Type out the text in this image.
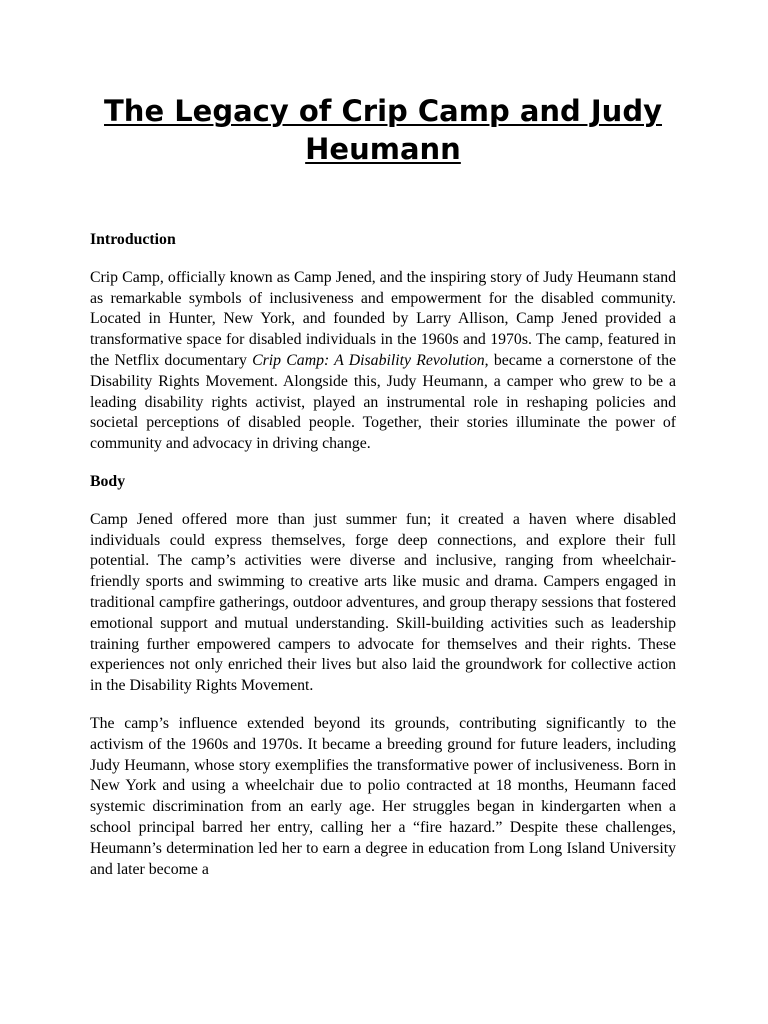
The Legacy of Crip Camp and Judy Heumann

Introduction

Crip Camp, officially known as Camp Jened, and the inspiring story of Judy Heumann stand as remarkable symbols of inclusiveness and empowerment for the disabled community. Located in Hunter, New York, and founded by Larry Allison, Camp Jened provided a transformative space for disabled individuals in the 1960s and 1970s. The camp, featured in the Netflix documentary Crip Camp: A Disability Revolution, became a cornerstone of the Disability Rights Movement. Alongside this, Judy Heumann, a camper who grew to be a leading disability rights activist, played an instrumental role in reshaping policies and societal perceptions of disabled people. Together, their stories illuminate the power of community and advocacy in driving change.

Body

Camp Jened offered more than just summer fun; it created a haven where disabled individuals could express themselves, forge deep connections, and explore their full potential. The camp’s activities were diverse and inclusive, ranging from wheelchair-friendly sports and swimming to creative arts like music and drama. Campers engaged in traditional campfire gatherings, outdoor adventures, and group therapy sessions that fostered emotional support and mutual understanding. Skill-building activities such as leadership training further empowered campers to advocate for themselves and their rights. These experiences not only enriched their lives but also laid the groundwork for collective action in the Disability Rights Movement.

The camp’s influence extended beyond its grounds, contributing significantly to the activism of the 1960s and 1970s. It became a breeding ground for future leaders, including Judy Heumann, whose story exemplifies the transformative power of inclusiveness. Born in New York and using a wheelchair due to polio contracted at 18 months, Heumann faced systemic discrimination from an early age. Her struggles began in kindergarten when a school principal barred her entry, calling her a “fire hazard.” Despite these challenges, Heumann’s determination led her to earn a degree in education from Long Island University and later become a
